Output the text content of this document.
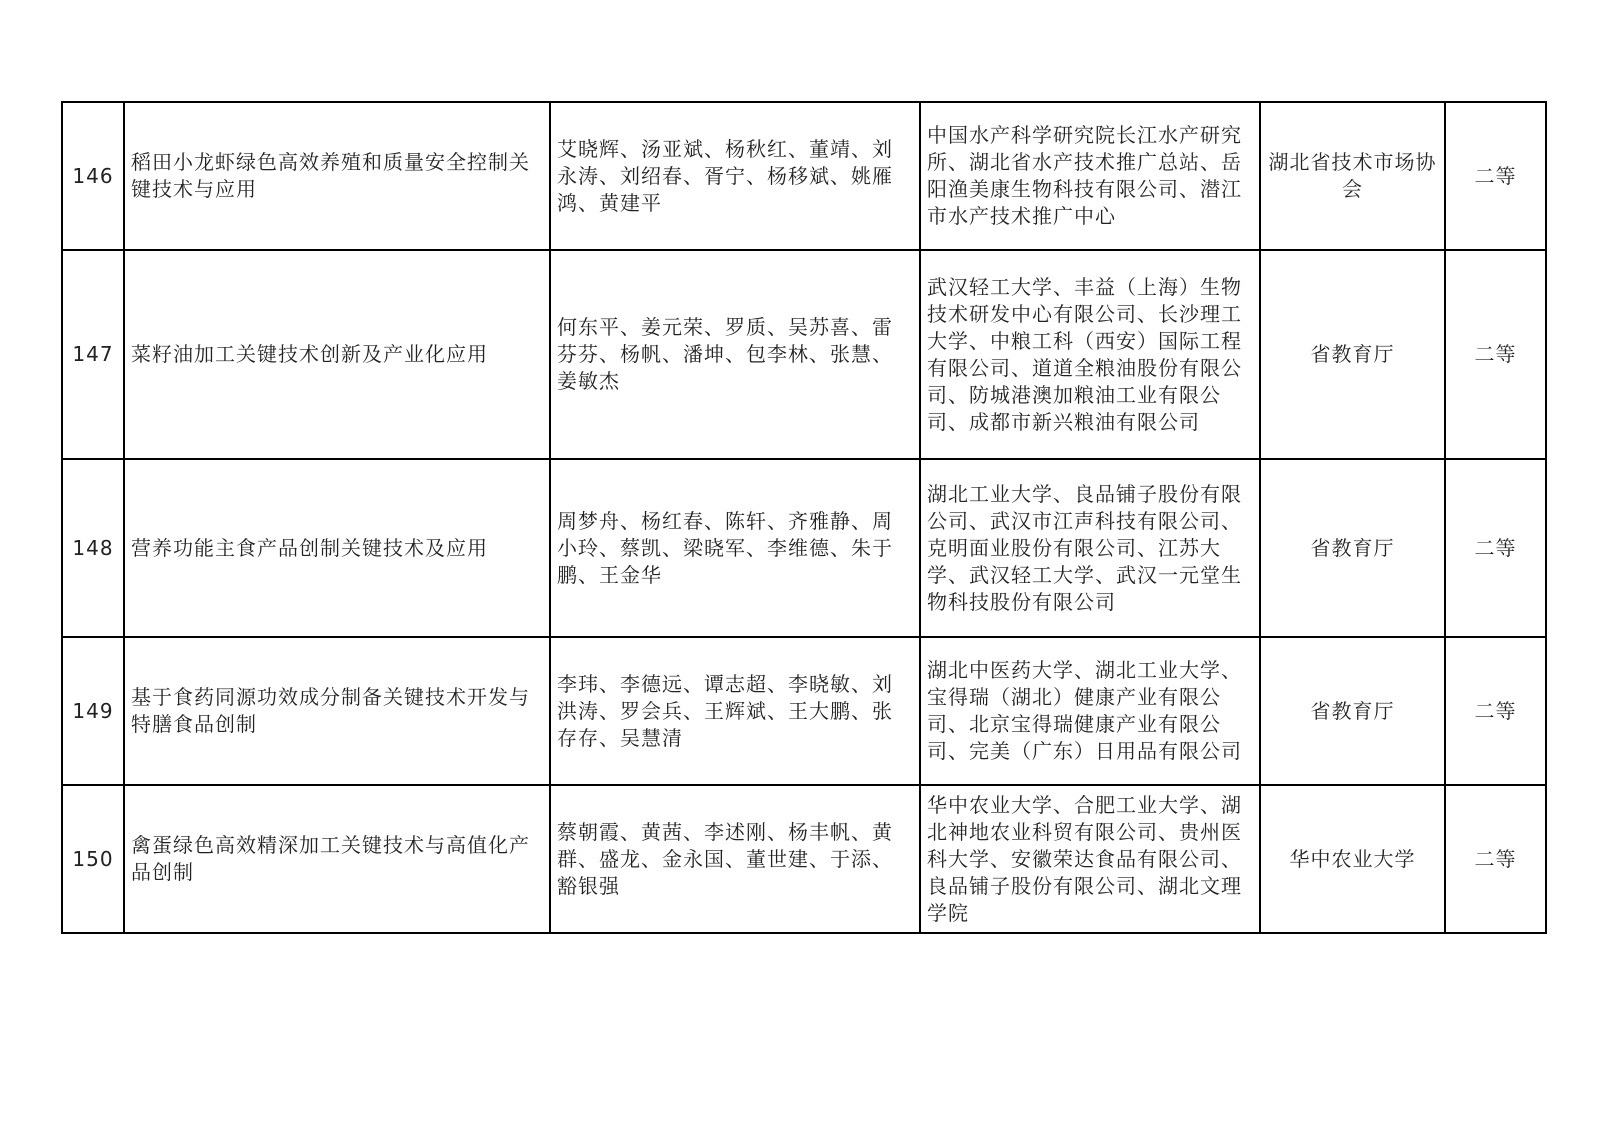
146	稻田小龙虾绿色高效养殖和质量安全控制关键技术与应用	艾晓辉、汤亚斌、杨秋红、董靖、刘永涛、刘绍春、胥宁、杨移斌、姚雁鸿、黄建平	中国水产科学研究院长江水产研究所、湖北省水产技术推广总站、岳阳渔美康生物科技有限公司、潜江市水产技术推广中心	湖北省技术市场协会	二等
147	菜籽油加工关键技术创新及产业化应用	何东平、姜元荣、罗质、吴苏喜、雷芬芬、杨帆、潘坤、包李林、张慧、姜敏杰	武汉轻工大学、丰益（上海）生物技术研发中心有限公司、长沙理工大学、中粮工科（西安）国际工程有限公司、道道全粮油股份有限公司、防城港澳加粮油工业有限公司、成都市新兴粮油有限公司	省教育厅	二等
148	营养功能主食产品创制关键技术及应用	周梦舟、杨红春、陈轩、齐雅静、周小玲、蔡凯、梁晓军、李维德、朱于鹏、王金华	湖北工业大学、良品铺子股份有限公司、武汉市江声科技有限公司、克明面业股份有限公司、江苏大学、武汉轻工大学、武汉一元堂生物科技股份有限公司	省教育厅	二等
149	基于食药同源功效成分制备关键技术开发与特膳食品创制	李玮、李德远、谭志超、李晓敏、刘洪涛、罗会兵、王辉斌、王大鹏、张存存、吴慧清	湖北中医药大学、湖北工业大学、宝得瑞（湖北）健康产业有限公司、北京宝得瑞健康产业有限公司、完美（广东）日用品有限公司	省教育厅	二等
150	禽蛋绿色高效精深加工关键技术与高值化产品创制	蔡朝霞、黄茜、李述刚、杨丰帆、黄群、盛龙、金永国、董世建、于添、豁银强	华中农业大学、合肥工业大学、湖北神地农业科贸有限公司、贵州医科大学、安徽荣达食品有限公司、良品铺子股份有限公司、湖北文理学院	华中农业大学	二等
